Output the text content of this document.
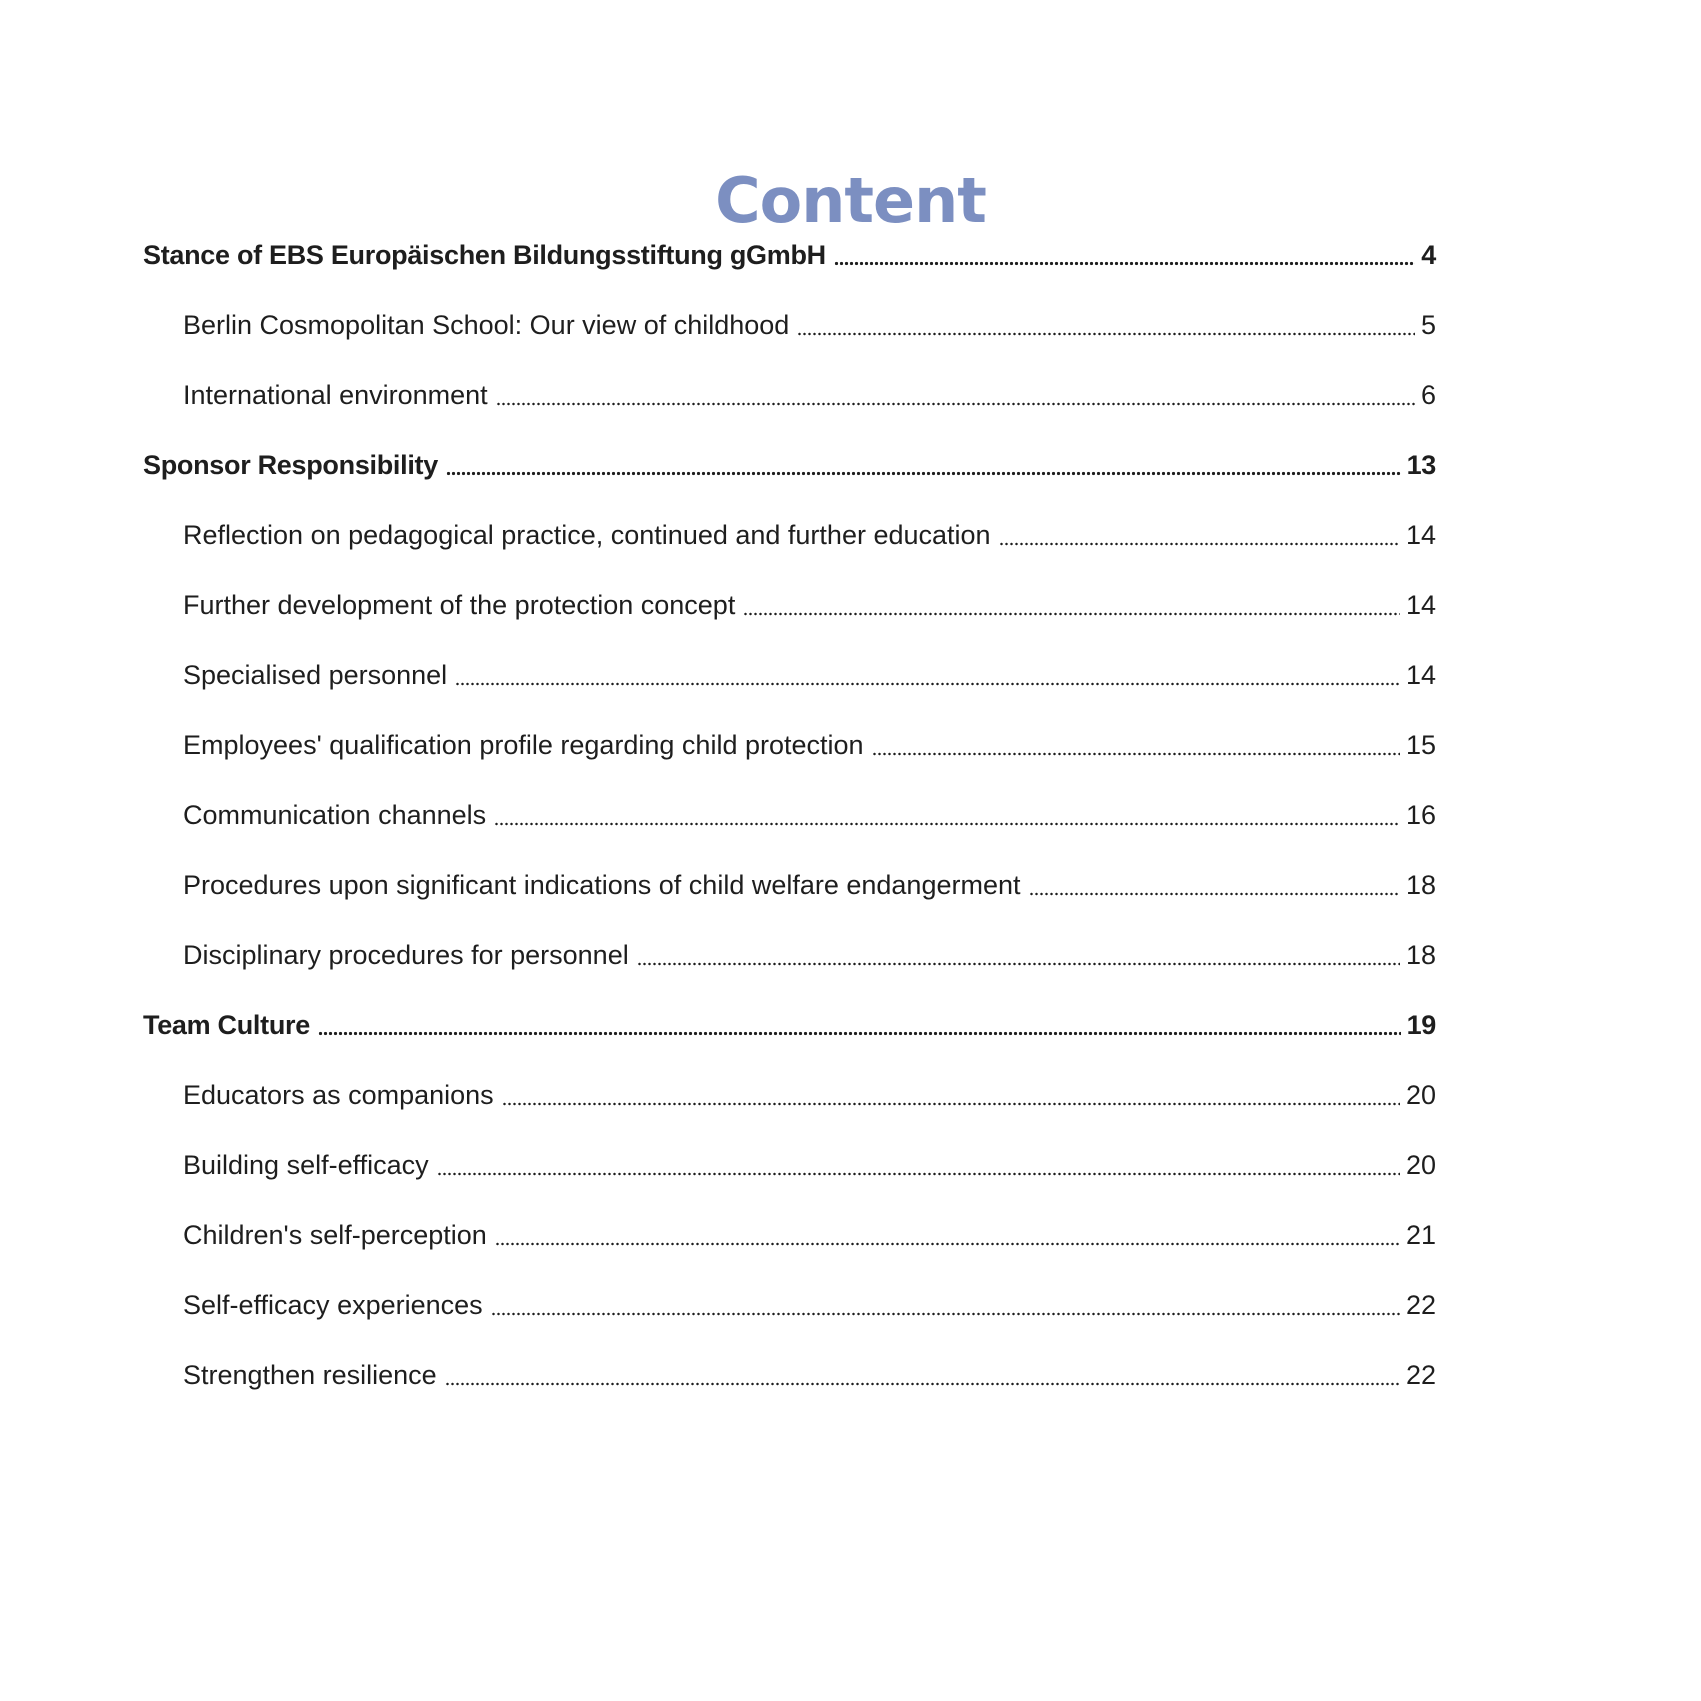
Content
Stance of EBS Europäischen Bildungsstiftung gGmbH	4
Berlin Cosmopolitan School: Our view of childhood	5
International environment	6
Sponsor Responsibility	13
Reflection on pedagogical practice, continued and further education	14
Further development of the protection concept	14
Specialised personnel	14
Employees' qualification profile regarding child protection	15
Communication channels	16
Procedures upon significant indications of child welfare endangerment	18
Disciplinary procedures for personnel	18
Team Culture	19
Educators as companions	20
Building self-efficacy	20
Children's self-perception	21
Self-efficacy experiences	22
Strengthen resilience	22
